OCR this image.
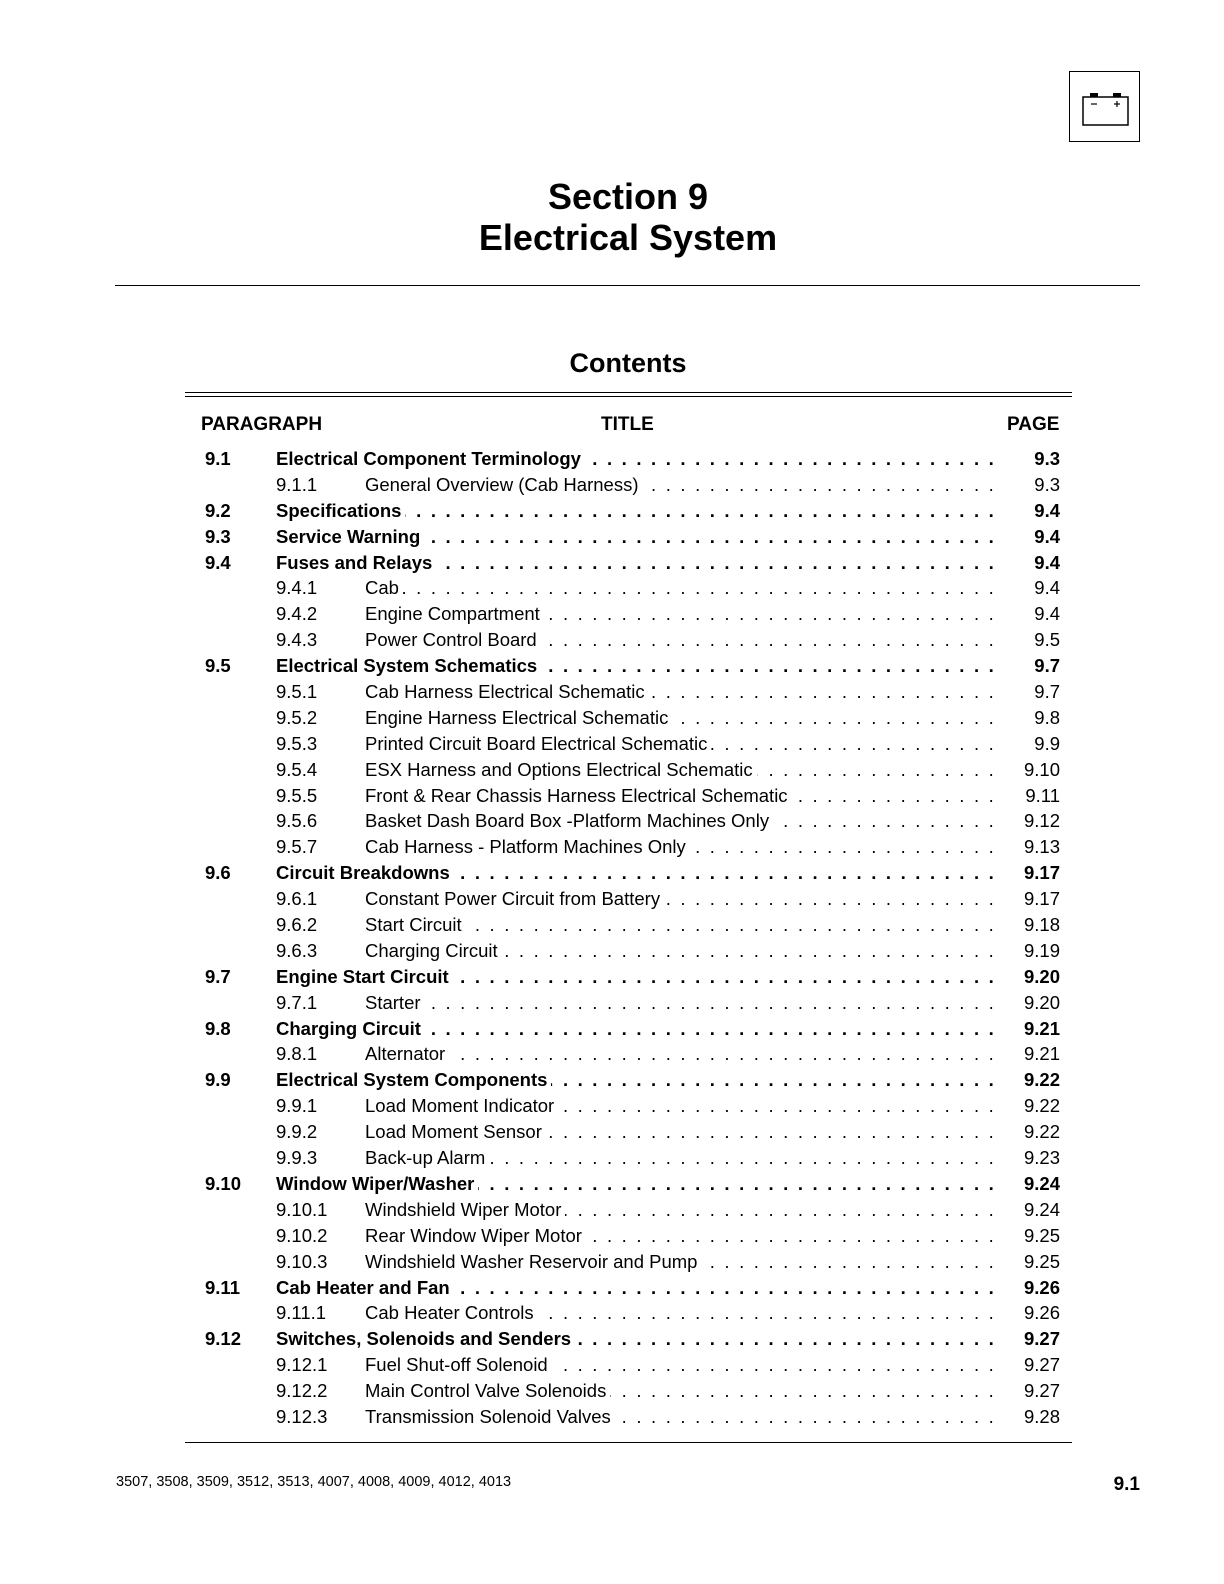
Section 9
Electrical System
Contents
PARAGRAPH	TITLE	PAGE
9.1 Electrical Component Terminology . . .	9.3
9.1.1	General Overview (Cab Harness) . . .	9.3
9.2 Specifications . . .	9.4
9.3 Service Warning . . .	9.4
9.4 Fuses and Relays . . .	9.4
9.4.1	Cab . . .	9.4
9.4.2	Engine Compartment . . .	9.4
9.4.3	Power Control Board . . .	9.5
9.5 Electrical System Schematics . . .	9.7
9.5.1	Cab Harness Electrical Schematic . . .	9.7
9.5.2	Engine Harness Electrical Schematic . . .	9.8
9.5.3	Printed Circuit Board Electrical Schematic . . .	9.9
9.5.4	ESX Harness and Options Electrical Schematic . . .	9.10
9.5.5	Front & Rear Chassis Harness Electrical Schematic . . .	9.11
9.5.6	Basket Dash Board Box -Platform Machines Only . . .	9.12
9.5.7	Cab Harness - Platform Machines Only . . .	9.13
9.6 Circuit Breakdowns . . .	9.17
9.6.1	Constant Power Circuit from Battery . . .	9.17
9.6.2	Start Circuit . . .	9.18
9.6.3	Charging Circuit . . .	9.19
9.7 Engine Start Circuit . . .	9.20
9.7.1	Starter . . .	9.20
9.8 Charging Circuit . . .	9.21
9.8.1	Alternator . . .	9.21
9.9 Electrical System Components . . .	9.22
9.9.1	Load Moment Indicator . . .	9.22
9.9.2	Load Moment Sensor . . .	9.22
9.9.3	Back-up Alarm . . .	9.23
9.10 Window Wiper/Washer . . .	9.24
9.10.1 Windshield Wiper Motor . . .	9.24
9.10.2 Rear Window Wiper Motor . . .	9.25
9.10.3 Windshield Washer Reservoir and Pump . . .	9.25
9.11 Cab Heater and Fan . . .	9.26
9.11.1 Cab Heater Controls . . .	9.26
9.12 Switches, Solenoids and Senders . . .	9.27
9.12.1 Fuel Shut-off Solenoid . . .	9.27
9.12.2 Main Control Valve Solenoids . . .	9.27
9.12.3 Transmission Solenoid Valves . . .	9.28
3507, 3508, 3509, 3512, 3513, 4007, 4008, 4009, 4012, 4013	9.1
